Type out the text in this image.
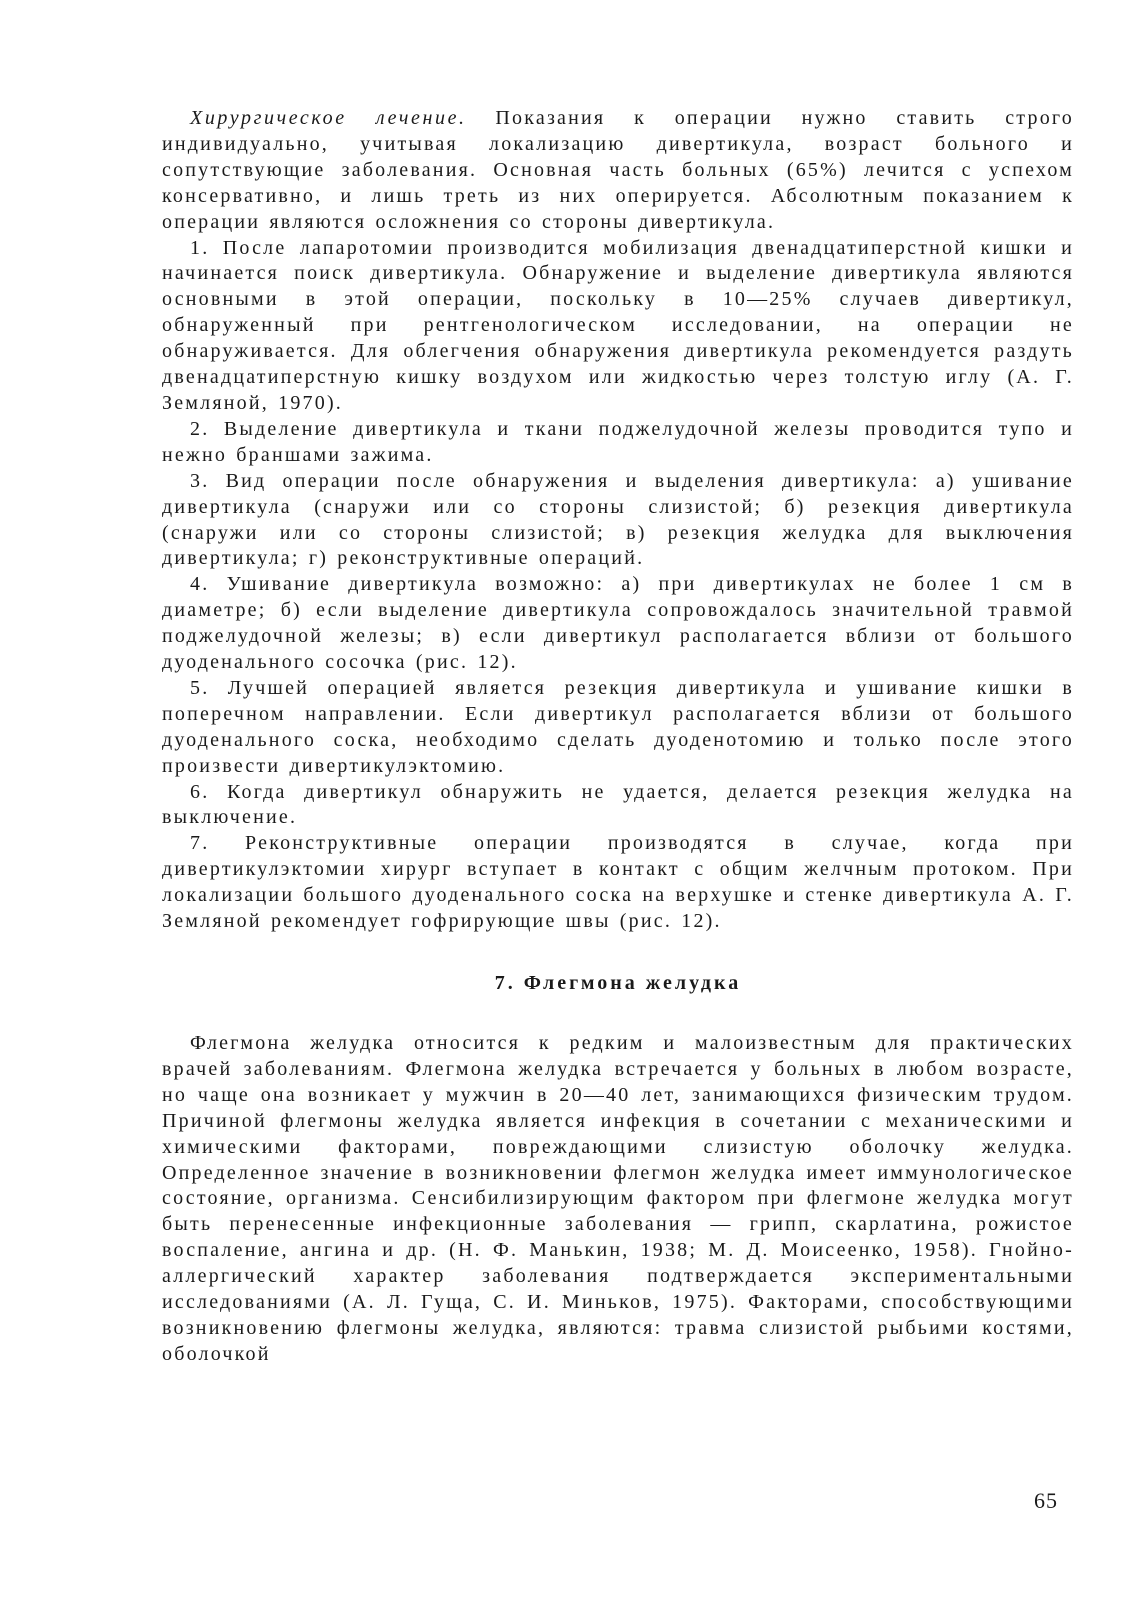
Хирургическое лечение. Показания к операции нужно ставить строго индивидуально, учитывая локализацию дивертикула, возраст больного и сопутствующие заболевания. Основная часть больных (65%) лечится с успехом консервативно, и лишь треть из них оперируется. Абсолютным показанием к операции являются осложнения со стороны дивертикула.

1. После лапаротомии производится мобилизация двенадцатиперстной кишки и начинается поиск дивертикула. Обнаружение и выделение дивертикула являются основными в этой операции, поскольку в 10—25% случаев дивертикул, обнаруженный при рентгенологическом исследовании, на операции не обнаруживается. Для облегчения обнаружения дивертикула рекомендуется раздуть двенадцатиперстную кишку воздухом или жидкостью через толстую иглу (А. Г. Земляной, 1970).

2. Выделение дивертикула и ткани поджелудочной железы проводится тупо и нежно браншами зажима.

3. Вид операции после обнаружения и выделения дивертикула: а) ушивание дивертикула (снаружи или со стороны слизистой; б) резекция дивертикула (снаружи или со стороны слизистой; в) резекция желудка для выключения дивертикула; г) реконструктивные операций.

4. Ушивание дивертикула возможно: а) при дивертикулах не более 1 см в диаметре; б) если выделение дивертикула сопровождалось значительной травмой поджелудочной железы; в) если дивертикул располагается вблизи от большого дуоденального сосочка (рис. 12).

5. Лучшей операцией является резекция дивертикула и ушивание кишки в поперечном направлении. Если дивертикул располагается вблизи от большого дуоденального соска, необходимо сделать дуоденотомию и только после этого произвести дивертикулэктомию.

6. Когда дивертикул обнаружить не удается, делается резекция желудка на выключение.

7. Реконструктивные операции производятся в случае, когда при дивертикулэктомии хирург вступает в контакт с общим желчным протоком. При локализации большого дуоденального соска на верхушке и стенке дивертикула А. Г. Земляной рекомендует гофрирующие швы (рис. 12).

7. Флегмона желудка

Флегмона желудка относится к редким и малоизвестным для практических врачей заболеваниям. Флегмона желудка встречается у больных в любом возрасте, но чаще она возникает у мужчин в 20—40 лет, занимающихся физическим трудом. Причиной флегмоны желудка является инфекция в сочетании с механическими и химическими факторами, повреждающими слизистую оболочку желудка. Определенное значение в возникновении флегмон желудка имеет иммунологическое состояние, организма. Сенсибилизирующим фактором при флегмоне желудка могут быть перенесенные инфекционные заболевания — грипп, скарлатина, рожистое воспаление, ангина и др. (Н. Ф. Манькин, 1938; М. Д. Моисеенко, 1958). Гнойно-аллергический характер заболевания подтверждается экспериментальными исследованиями (А. Л. Гуща, С. И. Миньков, 1975). Факторами, способствующими возникновению флегмоны желудка, являются: травма слизистой рыбьими костями, оболочкой

65
